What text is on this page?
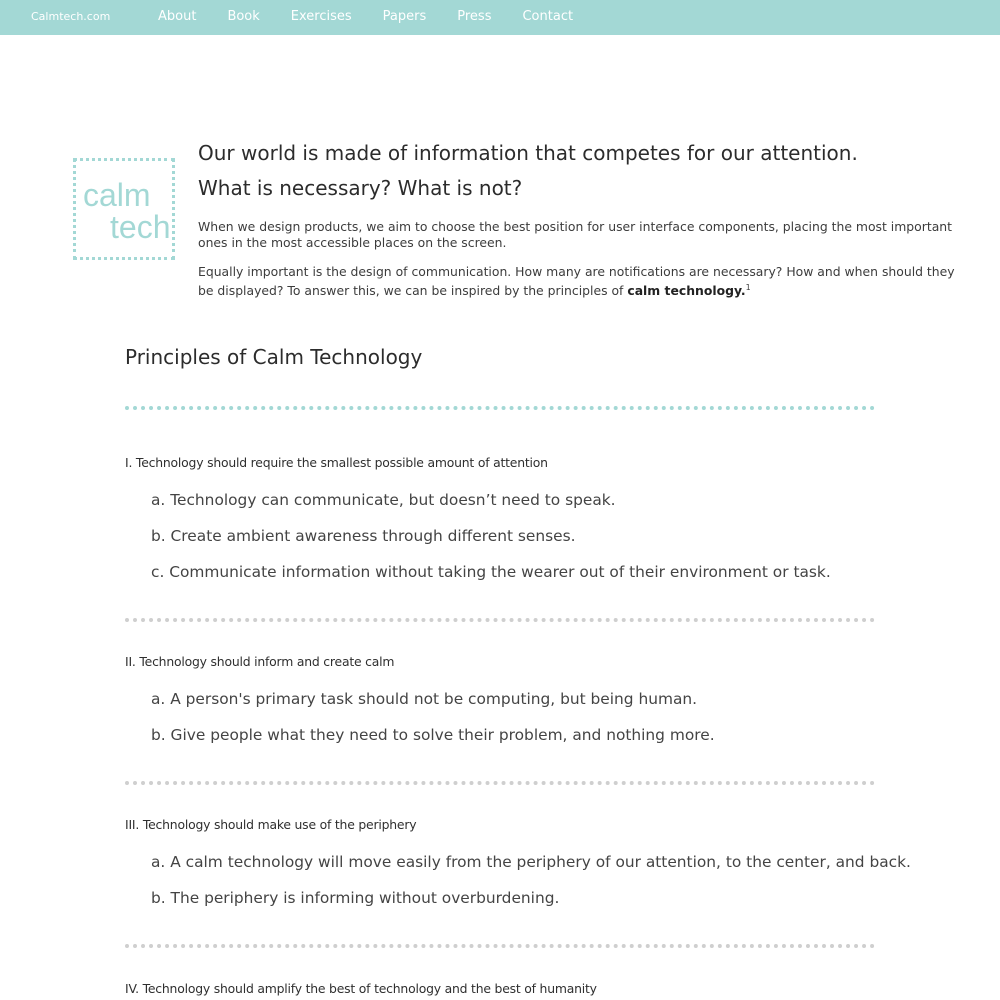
Calmtech.com	About Book Exercises Papers Press Contact
calm
tech
Our world is made of information that competes for our attention.
What is necessary? What is not?

When we design products, we aim to choose the best position for user interface components, placing the most important ones in the most accessible places on the screen.

Equally important is the design of communication. How many are notifications are necessary? How and when should they be displayed? To answer this, we can be inspired by the principles of calm technology.$^1$

Principles of Calm Technology
I. Technology should require the smallest possible amount of attention

a. Technology can communicate, but doesn’t need to speak.

b. Create ambient awareness through different senses.

c. Communicate information without taking the wearer out of their environment or task.

II. Technology should inform and create calm

a. A person's primary task should not be computing, but being human.

b. Give people what they need to solve their problem, and nothing more.

III. Technology should make use of the periphery

a. A calm technology will move easily from the periphery of our attention, to the center, and back.

b. The periphery is informing without overburdening.

IV. Technology should amplify the best of technology and the best of humanity
